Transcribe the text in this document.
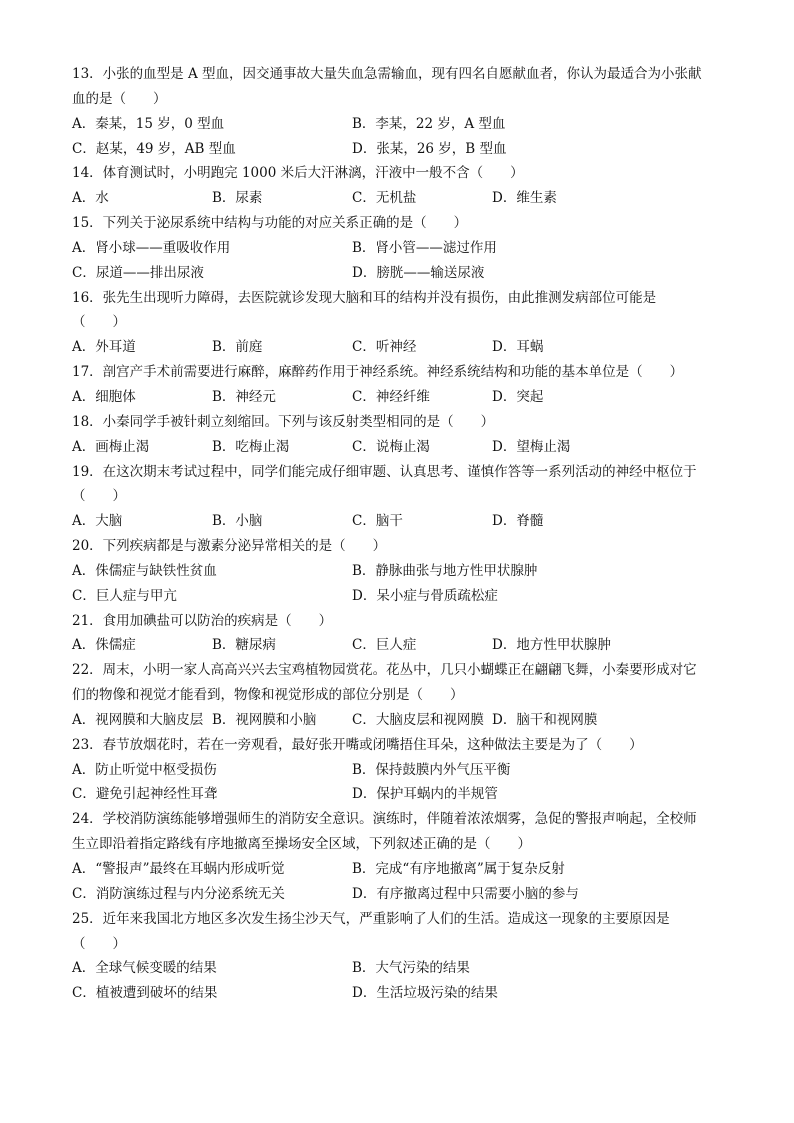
13．小张的血型是 A 型血，因交通事故大量失血急需输血，现有四名自愿献血者，你认为最适合为小张献
血的是（　　）
A．秦某，15 岁，0 型血	B．李某，22 岁，A 型血
C．赵某，49 岁，AB 型血	D．张某，26 岁，B 型血
14．体育测试时，小明跑完 1000 米后大汗淋漓，汗液中一般不含（　　）
A．水	B．尿素	C．无机盐	D．维生素
15．下列关于泌尿系统中结构与功能的对应关系正确的是（　　）
A．肾小球——重吸收作用	B．肾小管——滤过作用
C．尿道——排出尿液	D．膀胱——输送尿液
16．张先生出现听力障碍，去医院就诊发现大脑和耳的结构并没有损伤，由此推测发病部位可能是
（　　）
A．外耳道	B．前庭	C．听神经	D．耳蜗
17．剖宫产手术前需要进行麻醉，麻醉药作用于神经系统。神经系统结构和功能的基本单位是（　　）
A．细胞体	B．神经元	C．神经纤维	D．突起
18．小秦同学手被针刺立刻缩回。下列与该反射类型相同的是（　　）
A．画梅止渴	B．吃梅止渴	C．说梅止渴	D．望梅止渴
19．在这次期末考试过程中，同学们能完成仔细审题、认真思考、谨慎作答等一系列活动的神经中枢位于
（　　）
A．大脑	B．小脑	C．脑干	D．脊髓
20．下列疾病都是与激素分泌异常相关的是（　　）
A．侏儒症与缺铁性贫血	B．静脉曲张与地方性甲状腺肿
C．巨人症与甲亢	D．呆小症与骨质疏松症
21．食用加碘盐可以防治的疾病是（　　）
A．侏儒症	B．糖尿病	C．巨人症	D．地方性甲状腺肿
22．周末，小明一家人高高兴兴去宝鸡植物园赏花。花丛中，几只小蝴蝶正在翩翩飞舞，小秦要形成对它
们的物像和视觉才能看到，物像和视觉形成的部位分别是（　　）
A．视网膜和大脑皮层 B．视网膜和小脑	C．大脑皮层和视网膜 D．脑干和视网膜
23．春节放烟花时，若在一旁观看，最好张开嘴或闭嘴捂住耳朵，这种做法主要是为了（　　）
A．防止听觉中枢受损伤	B．保持鼓膜内外气压平衡
C．避免引起神经性耳聋	D．保护耳蜗内的半规管
24．学校消防演练能够增强师生的消防安全意识。演练时，伴随着浓浓烟雾，急促的警报声响起，全校师
生立即沿着指定路线有序地撤离至操场安全区域，下列叙述正确的是（　　）
A．“警报声”最终在耳蜗内形成听觉	B．完成“有序地撤离”属于复杂反射
C．消防演练过程与内分泌系统无关	D．有序撤离过程中只需要小脑的参与
25．近年来我国北方地区多次发生扬尘沙天气，严重影响了人们的生活。造成这一现象的主要原因是
（　　）
A．全球气候变暖的结果	B．大气污染的结果
C．植被遭到破坏的结果	D．生活垃圾污染的结果
